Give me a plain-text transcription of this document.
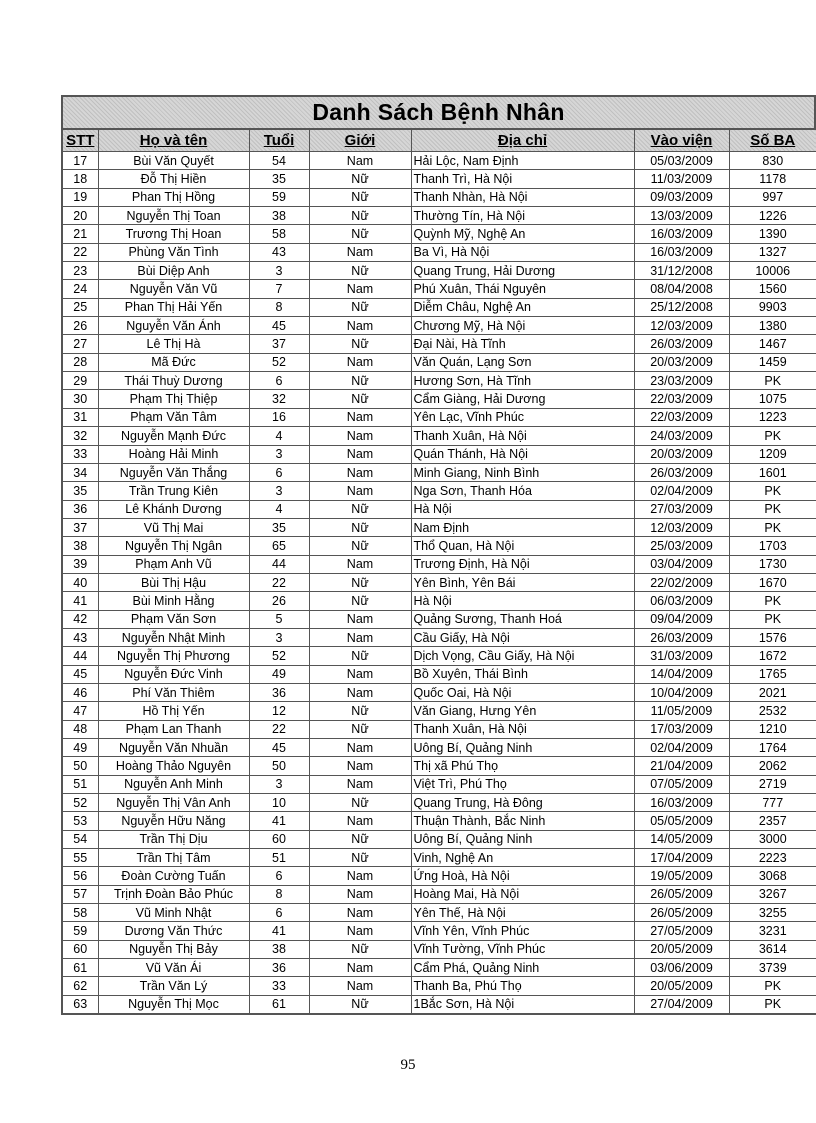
Danh Sách Bệnh Nhân
STT	Họ và tên	Tuổi	Giới	Địa chỉ	Vào viện	Số BA
17	Bùi Văn Quyết	54	Nam	Hải Lộc, Nam Định	05/03/2009	830
18	Đỗ Thị Hiền	35	Nữ	Thanh Trì, Hà Nội	11/03/2009	1178
19	Phan Thị Hồng	59	Nữ	Thanh Nhàn, Hà Nội	09/03/2009	997
20	Nguyễn Thị Toan	38	Nữ	Thường Tín, Hà Nội	13/03/2009	1226
21	Trương Thị Hoan	58	Nữ	Quỳnh Mỹ, Nghệ An	16/03/2009	1390
22	Phùng Văn Tình	43	Nam	Ba Vì, Hà Nội	16/03/2009	1327
23	Bùi Diệp Anh	3	Nữ	Quang Trung, Hải Dương	31/12/2008	10006
24	Nguyễn Văn Vũ	7	Nam	Phú Xuân, Thái Nguyên	08/04/2008	1560
25	Phan Thị Hải Yến	8	Nữ	Diễm Châu, Nghệ An	25/12/2008	9903
26	Nguyễn Văn Ánh	45	Nam	Chương Mỹ, Hà Nội	12/03/2009	1380
27	Lê Thị Hà	37	Nữ	Đại Nài, Hà Tĩnh	26/03/2009	1467
28	Mã Đức	52	Nam	Văn Quán, Lạng Sơn	20/03/2009	1459
29	Thái Thuỳ Dương	6	Nữ	Hương Sơn, Hà Tĩnh	23/03/2009	PK
30	Phạm Thị Thiệp	32	Nữ	Cẩm Giàng, Hải Dương	22/03/2009	1075
31	Phạm Văn Tâm	16	Nam	Yên Lạc, Vĩnh Phúc	22/03/2009	1223
32	Nguyễn Mạnh Đức	4	Nam	Thanh Xuân, Hà Nội	24/03/2009	PK
33	Hoàng Hải Minh	3	Nam	Quán Thánh, Hà Nội	20/03/2009	1209
34	Nguyễn Văn Thắng	6	Nam	Minh Giang, Ninh Bình	26/03/2009	1601
35	Trần Trung Kiên	3	Nam	Nga Sơn, Thanh Hóa	02/04/2009	PK
36	Lê Khánh Dương	4	Nữ	Hà Nội	27/03/2009	PK
37	Vũ Thị Mai	35	Nữ	Nam Định	12/03/2009	PK
38	Nguyễn Thị Ngân	65	Nữ	Thổ Quan, Hà Nội	25/03/2009	1703
39	Phạm Anh Vũ	44	Nam	Trương Định, Hà Nội	03/04/2009	1730
40	Bùi Thị Hậu	22	Nữ	Yên Bình, Yên Bái	22/02/2009	1670
41	Bùi Minh Hằng	26	Nữ	Hà Nội	06/03/2009	PK
42	Phạm Văn Sơn	5	Nam	Quảng Sương, Thanh Hoá	09/04/2009	PK
43	Nguyễn Nhật Minh	3	Nam	Cầu Giấy, Hà Nội	26/03/2009	1576
44	Nguyễn Thị Phương	52	Nữ	Dịch Vọng, Cầu Giấy, Hà Nội	31/03/2009	1672
45	Nguyễn Đức Vinh	49	Nam	Bồ Xuyên, Thái Bình	14/04/2009	1765
46	Phí Văn Thiêm	36	Nam	Quốc Oai, Hà Nội	10/04/2009	2021
47	Hồ Thị Yến	12	Nữ	Văn Giang, Hưng Yên	11/05/2009	2532
48	Phạm Lan Thanh	22	Nữ	Thanh Xuân, Hà Nội	17/03/2009	1210
49	Nguyễn Văn Nhuần	45	Nam	Uông Bí, Quảng Ninh	02/04/2009	1764
50	Hoàng Thảo Nguyên	50	Nam	Thị xã Phú Thọ	21/04/2009	2062
51	Nguyễn Anh Minh	3	Nam	Việt Trì, Phú Thọ	07/05/2009	2719
52	Nguyễn Thị Vân Anh	10	Nữ	Quang Trung, Hà Đông	16/03/2009	777
53	Nguyễn Hữu Năng	41	Nam	Thuận Thành, Bắc Ninh	05/05/2009	2357
54	Trần Thị Dịu	60	Nữ	Uông Bí, Quảng Ninh	14/05/2009	3000
55	Trần Thị Tâm	51	Nữ	Vinh, Nghệ An	17/04/2009	2223
56	Đoàn Cường Tuấn	6	Nam	Ứng Hoà, Hà Nội	19/05/2009	3068
57	Trịnh Đoàn Bảo Phúc	8	Nam	Hoàng Mai, Hà Nội	26/05/2009	3267
58	Vũ Minh Nhật	6	Nam	Yên Thế, Hà Nội	26/05/2009	3255
59	Dương Văn Thức	41	Nam	Vĩnh Yên, Vĩnh Phúc	27/05/2009	3231
60	Nguyễn Thị Bảy	38	Nữ	Vĩnh Tường, Vĩnh Phúc	20/05/2009	3614
61	Vũ Văn Ái	36	Nam	Cẩm Phá, Quảng Ninh	03/06/2009	3739
62	Trần Văn Lý	33	Nam	Thanh Ba, Phú Thọ	20/05/2009	PK
63	Nguyễn Thị Mọc	61	Nữ	1Bắc Sơn, Hà Nội	27/04/2009	PK
95
